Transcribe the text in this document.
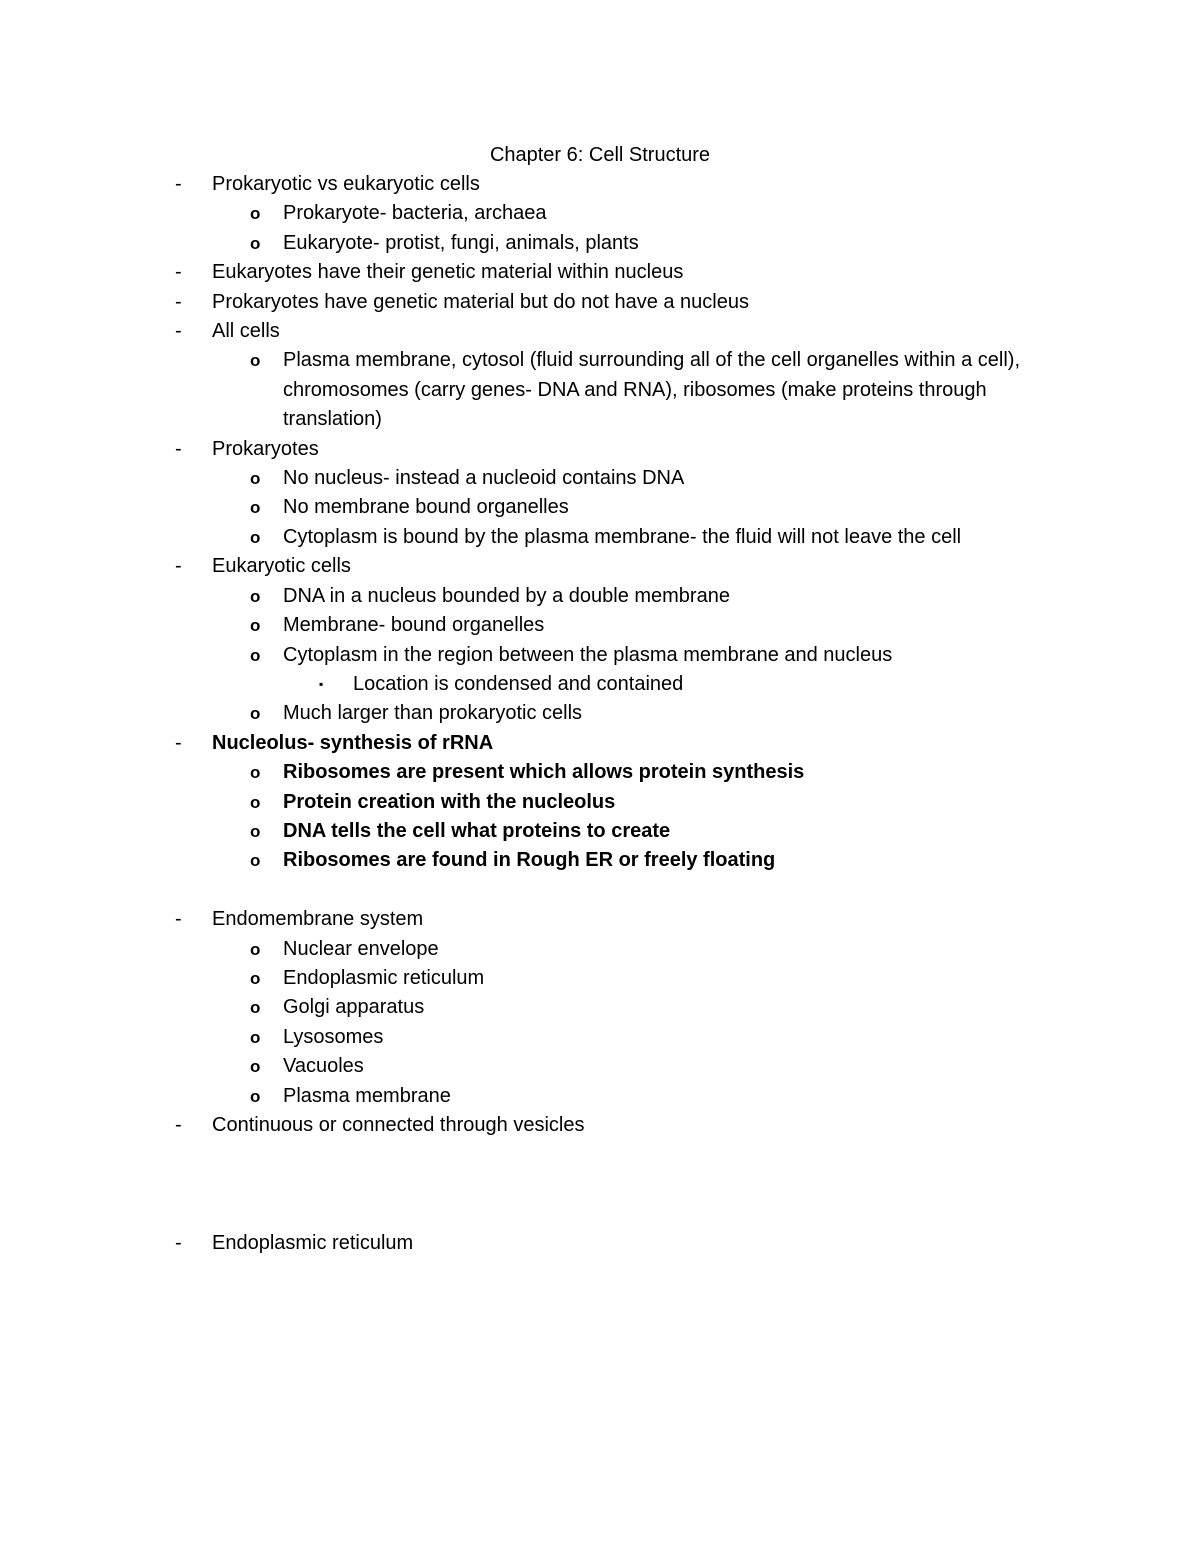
Chapter 6: Cell Structure
- Prokaryotic vs eukaryotic cells
o Prokaryote- bacteria, archaea
o Eukaryote- protist, fungi, animals, plants
- Eukaryotes have their genetic material within nucleus
- Prokaryotes have genetic material but do not have a nucleus
- All cells
o Plasma membrane, cytosol (fluid surrounding all of the cell organelles within a cell), chromosomes (carry genes- DNA and RNA), ribosomes (make proteins through translation)
- Prokaryotes
o No nucleus- instead a nucleoid contains DNA
o No membrane bound organelles
o Cytoplasm is bound by the plasma membrane- the fluid will not leave the cell
- Eukaryotic cells
o DNA in a nucleus bounded by a double membrane
o Membrane- bound organelles
o Cytoplasm in the region between the plasma membrane and nucleus
▪ Location is condensed and contained
o Much larger than prokaryotic cells
- Nucleolus- synthesis of rRNA
o Ribosomes are present which allows protein synthesis
o Protein creation with the nucleolus
o DNA tells the cell what proteins to create
o Ribosomes are found in Rough ER or freely floating
- Endomembrane system
o Nuclear envelope
o Endoplasmic reticulum
o Golgi apparatus
o Lysosomes
o Vacuoles
o Plasma membrane
- Continuous or connected through vesicles
- Endoplasmic reticulum
